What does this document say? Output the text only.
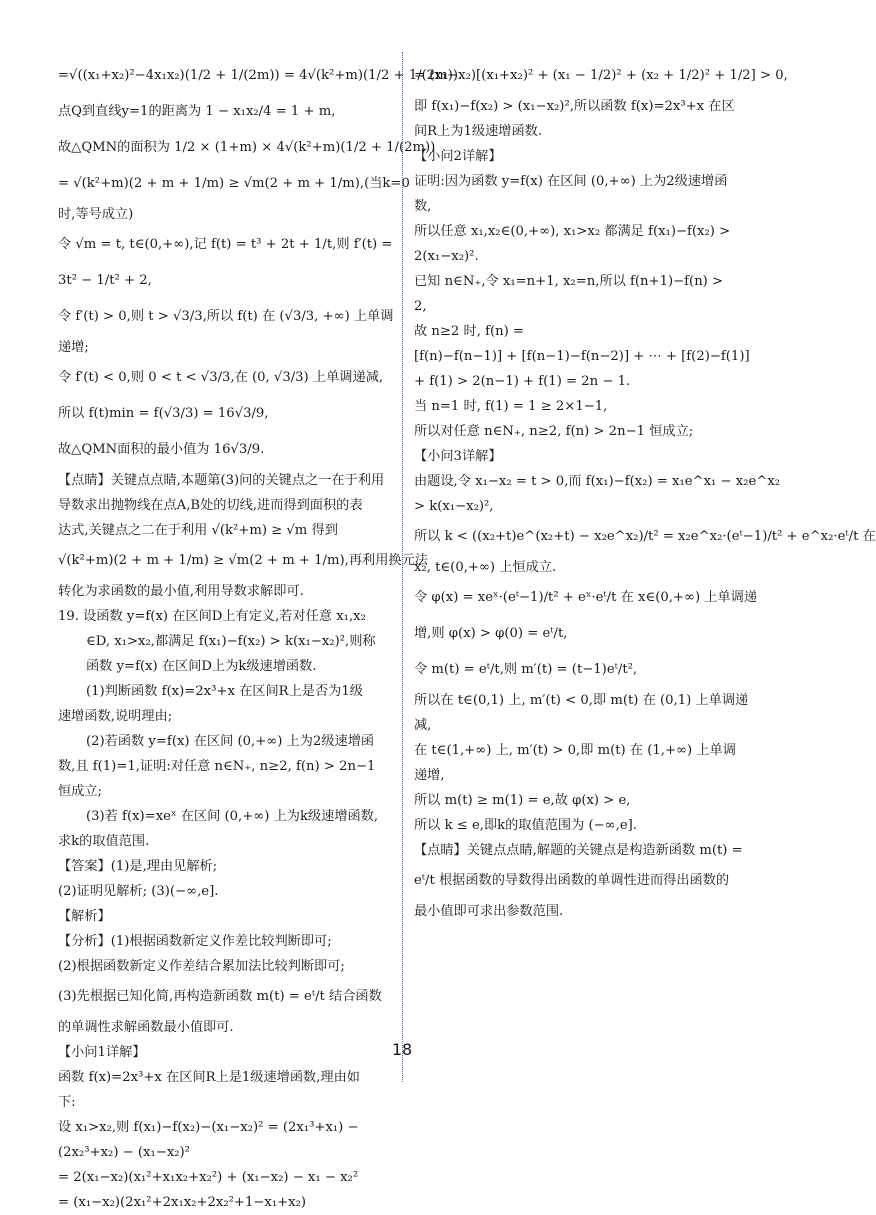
=√((x₁+x₂)²−4x₁x₂)(1/2 + 1/(2m)) = 4√(k²+m)(1/2 + 1/(2m)).
点Q到直线y=1的距离为 1 − x₁x₂/4 = 1 + m,
故△QMN的面积为 1/2 × (1+m) × 4√(k²+m)(1/2 + 1/(2m))
= √(k²+m)(2 + m + 1/m) ≥ √m(2 + m + 1/m),(当k=0
时,等号成立)
令 √m = t, t∈(0,+∞),记 f(t) = t³ + 2t + 1/t,则 f′(t) =
3t² − 1/t² + 2,
令 f′(t) > 0,则 t > √3/3,所以 f(t) 在 (√3/3, +∞) 上单调
递增;
令 f′(t) < 0,则 0 < t < √3/3,在 (0, √3/3) 上单调递减,
所以 f(t)min = f(√3/3) = 16√3/9,
故△QMN面积的最小值为 16√3/9.
【点睛】关键点点睛,本题第(3)问的关键点之一在于利用
导数求出抛物线在点A,B处的切线,进而得到面积的表
达式,关键点之二在于利用 √(k²+m) ≥ √m 得到
√(k²+m)(2 + m + 1/m) ≥ √m(2 + m + 1/m),再利用换元法
转化为求函数的最小值,利用导数求解即可.
19. 设函数 y=f(x) 在区间D上有定义,若对任意 x₁,x₂
∈D, x₁>x₂,都满足 f(x₁)−f(x₂) > k(x₁−x₂)²,则称
函数 y=f(x) 在区间D上为k级速增函数.
(1)判断函数 f(x)=2x³+x 在区间R上是否为1级
速增函数,说明理由;
(2)若函数 y=f(x) 在区间 (0,+∞) 上为2级速增函
数,且 f(1)=1,证明:对任意 n∈N₊, n≥2, f(n) > 2n−1
恒成立;
(3)若 f(x)=xeˣ 在区间 (0,+∞) 上为k级速增函数,
求k的取值范围.
【答案】(1)是,理由见解析;
(2)证明见解析; (3)(−∞,e].
【解析】
【分析】(1)根据函数新定义作差比较判断即可;
(2)根据函数新定义作差结合累加法比较判断即可;
(3)先根据已知化简,再构造新函数 m(t) = eᵗ/t 结合函数
的单调性求解函数最小值即可.
【小问1详解】
函数 f(x)=2x³+x 在区间R上是1级速增函数,理由如
下:
设 x₁>x₂,则 f(x₁)−f(x₂)−(x₁−x₂)² = (2x₁³+x₁) −
(2x₂³+x₂) − (x₁−x₂)²
= 2(x₁−x₂)(x₁²+x₁x₂+x₂²) + (x₁−x₂) − x₁ − x₂²
= (x₁−x₂)(2x₁²+2x₁x₂+2x₂²+1−x₁+x₂)
= (x₁−x₂)[(x₁+x₂)² + (x₁ − 1/2)² + (x₂ + 1/2)² + 1/2] > 0,
即 f(x₁)−f(x₂) > (x₁−x₂)²,所以函数 f(x)=2x³+x 在区
间R上为1级速增函数.
【小问2详解】
证明:因为函数 y=f(x) 在区间 (0,+∞) 上为2级速增函
数,
所以任意 x₁,x₂∈(0,+∞), x₁>x₂ 都满足 f(x₁)−f(x₂) >
2(x₁−x₂)².
已知 n∈N₊,令 x₁=n+1, x₂=n,所以 f(n+1)−f(n) >
2,
故 n≥2 时, f(n) =
[f(n)−f(n−1)] + [f(n−1)−f(n−2)] + ⋯ + [f(2)−f(1)]
+ f(1) > 2(n−1) + f(1) = 2n − 1.
当 n=1 时, f(1) = 1 ≥ 2×1−1,
所以对任意 n∈N₊, n≥2, f(n) > 2n−1 恒成立;
【小问3详解】
由题设,令 x₁−x₂ = t > 0,而 f(x₁)−f(x₂) = x₁e^x₁ − x₂e^x₂
> k(x₁−x₂)²,
所以 k < ((x₂+t)e^(x₂+t) − x₂e^x₂)/t² = x₂e^x₂·(eᵗ−1)/t² + e^x₂·eᵗ/t 在
x₂, t∈(0,+∞) 上恒成立.
令 φ(x) = xeˣ·(eᵗ−1)/t² + eˣ·eᵗ/t 在 x∈(0,+∞) 上单调递
增,则 φ(x) > φ(0) = eᵗ/t,
令 m(t) = eᵗ/t,则 m′(t) = (t−1)eᵗ/t²,
所以在 t∈(0,1) 上, m′(t) < 0,即 m(t) 在 (0,1) 上单调递
减,
在 t∈(1,+∞) 上, m′(t) > 0,即 m(t) 在 (1,+∞) 上单调
递增,
所以 m(t) ≥ m(1) = e,故 φ(x) > e,
所以 k ≤ e,即k的取值范围为 (−∞,e].
【点睛】关键点点睛,解题的关键点是构造新函数 m(t) =
eᵗ/t 根据函数的导数得出函数的单调性进而得出函数的
最小值即可求出参数范围.
18
